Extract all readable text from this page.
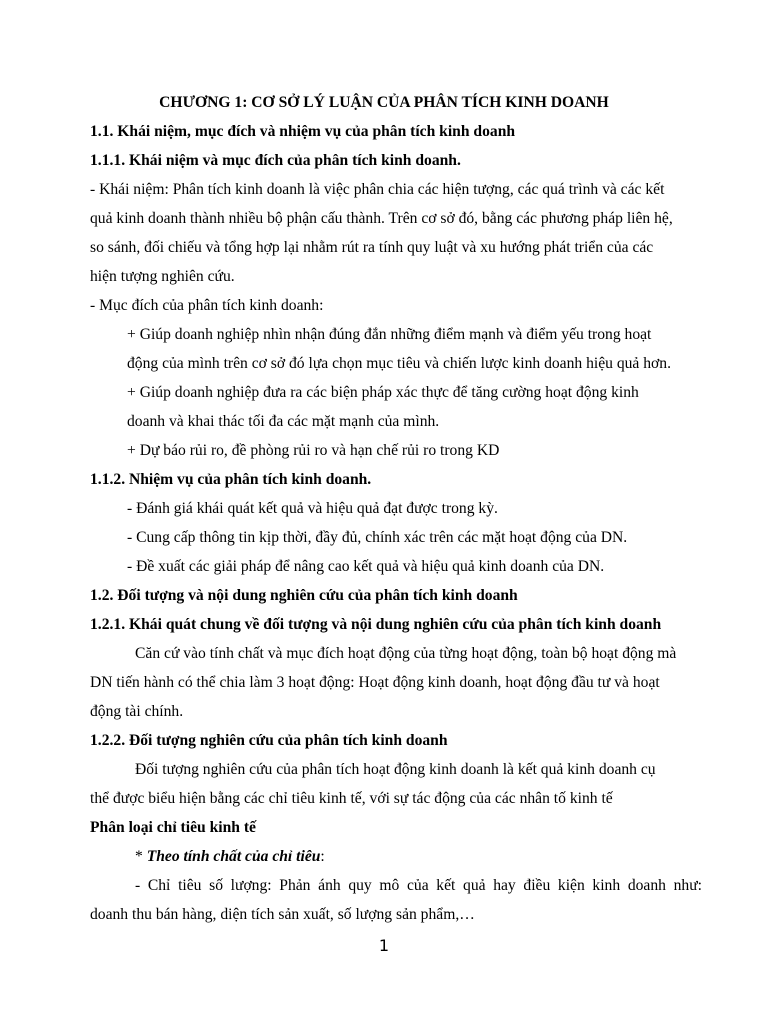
CHƯƠNG 1: CƠ SỞ LÝ LUẬN CỦA PHÂN TÍCH KINH DOANH
1.1. Khái niệm, mục đích và nhiệm vụ của phân tích kinh doanh
1.1.1. Khái niệm và mục đích của phân tích kinh doanh.
- Khái niệm: Phân tích kinh doanh là việc phân chia các hiện tượng, các quá trình và các kết
quả kinh doanh thành nhiều bộ phận cấu thành. Trên cơ sở đó, bằng các phương pháp liên hệ,
so sánh, đối chiếu và tổng hợp lại nhằm rút ra tính quy luật và xu hướng phát triển của các
hiện tượng nghiên cứu.
- Mục đích của phân tích kinh doanh:
+ Giúp doanh nghiệp nhìn nhận đúng đắn những điểm mạnh và điểm yếu trong hoạt
động của mình trên cơ sở đó lựa chọn mục tiêu và chiến lược kinh doanh hiệu quả hơn.
+ Giúp doanh nghiệp đưa ra các biện pháp xác thực để tăng cường hoạt động kinh
doanh và khai thác tối đa các mặt mạnh của mình.
+ Dự báo rủi ro, đề phòng rủi ro và hạn chế rủi ro trong KD
1.1.2. Nhiệm vụ của phân tích kinh doanh.
- Đánh giá khái quát kết quả và hiệu quả đạt được trong kỳ.
- Cung cấp thông tin kịp thời, đầy đủ, chính xác trên các mặt hoạt động của DN.
- Đề xuất các giải pháp để nâng cao kết quả và hiệu quả kinh doanh của DN.
1.2. Đối tượng và nội dung nghiên cứu của phân tích kinh doanh
1.2.1. Khái quát chung về đối tượng và nội dung nghiên cứu của phân tích kinh doanh
Căn cứ vào tính chất và mục đích hoạt động của từng hoạt động, toàn bộ hoạt động mà
DN tiến hành có thể chia làm 3 hoạt động: Hoạt động kinh doanh, hoạt động đầu tư và hoạt
động tài chính.
1.2.2. Đối tượng nghiên cứu của phân tích kinh doanh
Đối tượng nghiên cứu của phân tích hoạt động kinh doanh là kết quả kinh doanh cụ
thể được biểu hiện bằng các chỉ tiêu kinh tế, với sự tác động của các nhân tố kinh tế
Phân loại chỉ tiêu kinh tế
* Theo tính chất của chỉ tiêu:
- Chỉ tiêu số lượng: Phản ánh quy mô của kết quả hay điều kiện kinh doanh như:
doanh thu bán hàng, diện tích sản xuất, số lượng sản phẩm,…
1
